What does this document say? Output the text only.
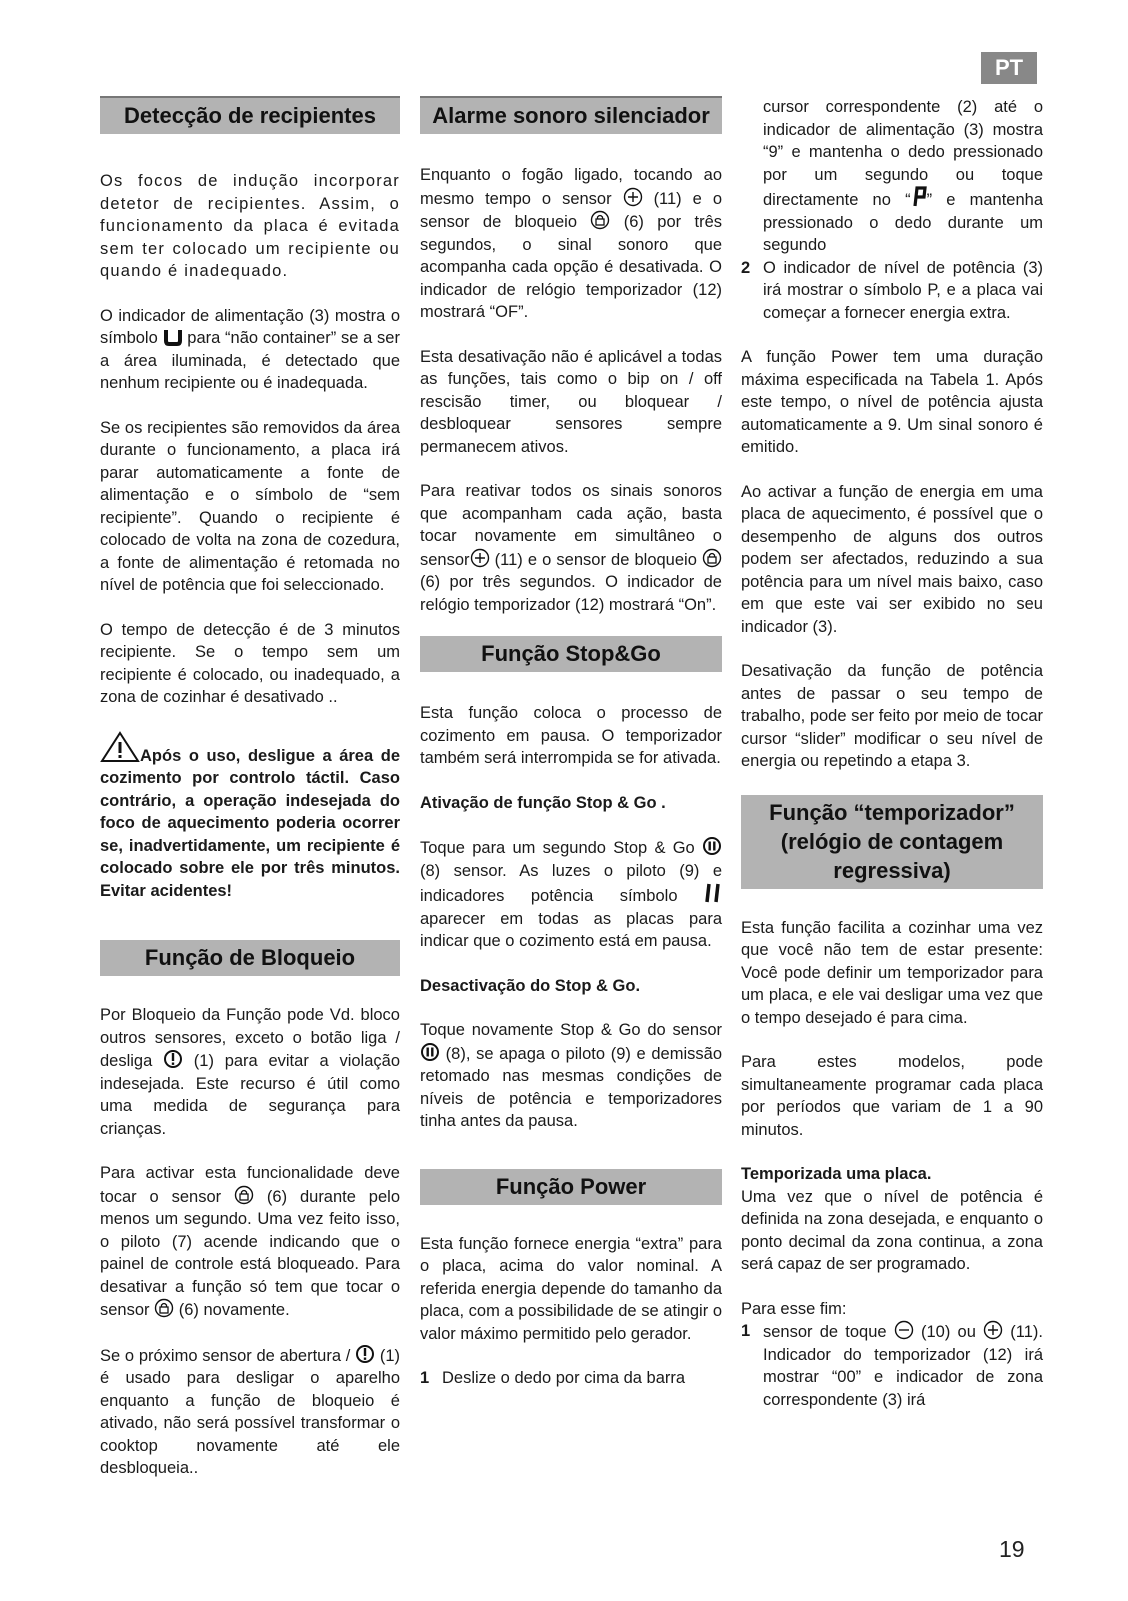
PT
Detecção de recipientes

Os focos de indução incorporar detetor de recipientes. Assim, o funcionamento da placa é evitada sem ter colocado um recipiente ou quando é inadequado.

O indicador de alimentação (3) mostra o símbolo para “não container” se a ser a área iluminada, é detectado que nenhum recipiente ou é inadequada.

Se os recipientes são removidos da área durante o funcionamento, a placa irá parar automaticamente a fonte de alimentação e o símbolo de “sem recipiente”. Quando o recipiente é colocado de volta na zona de cozedura, a fonte de alimentação é retomada no nível de potência que foi seleccionado.

O tempo de detecção é de 3 minutos recipiente. Se o tempo sem um recipiente é colocado, ou inadequado, a zona de cozinhar é desativado ..

Após o uso, desligue a área de cozimento por controlo táctil. Caso contrário, a operação indesejada do foco de aquecimento poderia ocorrer se, inadvertidamente, um recipiente é colocado sobre ele por três minutos. Evitar acidentes!

Função de Bloqueio

Por Bloqueio da Função pode Vd. bloco outros sensores, exceto o botão liga / desliga	(1) para evitar a violação indesejada. Este recurso é útil como uma medida de segurança para crianças.

Para activar esta funcionalidade deve tocar o sensor	(6) durante pelo menos um segundo. Uma vez feito isso, o piloto (7) acende indicando que o painel de controle está bloqueado. Para desativar a função só tem que tocar o sensor (6) novamente.

Se o próximo sensor de abertura / (1) é usado para desligar o aparelho enquanto a função de bloqueio é ativado, não será possível transformar o cooktop novamente até ele desbloqueia..

Alarme sonoro silenciador

Enquanto o fogão ligado, tocando ao mesmo tempo o sensor	(11) e o sensor de bloqueio	(6) por três segundos, o sinal sonoro que acompanha cada opção é desativada. O indicador de relógio temporizador (12) mostrará “OF”.

Esta desativação não é aplicável a todas as funções, tais como o bip on / off rescisão timer, ou bloquear / desbloquear sensores sempre permanecem ativos.

Para reativar todos os sinais sonoros que acompanham cada ação, basta tocar novamente em simultâneo o sensor (11) e o sensor de bloqueio  (6) por três segundos. O indicador de relógio temporizador (12) mostrará “On”.

Função Stop&Go

Esta função coloca o processo de cozimento em pausa. O temporizador também será interrompida se for ativada.

Ativação de função Stop & Go .

Toque para um segundo Stop & Go  (8) sensor. As luzes o piloto (9) e indicadores potência símbolo  aparecer em todas as placas para indicar que o cozimento está em pausa.

Desactivação do Stop & Go.

Toque novamente Stop & Go do sensor  (8), se apaga o piloto (9) e demissão retomado nas mesmas condições de níveis de potência e temporizadores tinha antes da pausa.

Função Power

Esta função fornece energia “extra” para o placa, acima do valor nominal. A referida energia depende do tamanho da placa, com a possibilidade de se atingir o valor máximo permitido pelo gerador.

1 Deslize o dedo por cima da barra

cursor correspondente (2) até o indicador de alimentação (3) mostra “9” e mantenha o dedo pressionado por um segundo ou toque directamente no “ ” e mantenha pressionado o dedo durante um segundo

2 O indicador de nível de potência (3) irá mostrar o símbolo P, e a placa vai começar a fornecer energia extra.

A função Power tem uma duração máxima especificada na Tabela 1. Após este tempo, o nível de potência ajusta automaticamente a 9. Um sinal sonoro é emitido.

Ao activar a função de energia em uma placa de aquecimento, é possível que o desempenho de alguns dos outros podem ser afectados, reduzindo a sua potência para um nível mais baixo, caso em que este vai ser exibido no seu indicador (3).

Desativação da função de potência antes de passar o seu tempo de trabalho, pode ser feito por meio de tocar cursor “slider” modificar o seu nível de energia ou repetindo a etapa 3.

Função “temporizador” (relógio de contagem regressiva)

Esta função facilita a cozinhar uma vez que você não tem de estar presente: Você pode definir um temporizador para um placa, e ele vai desligar uma vez que o tempo desejado é para cima.

Para estes modelos, pode simultaneamente programar cada placa por períodos que variam de 1 a 90 minutos.

Temporizada uma placa.

Uma vez que o nível de potência é definida na zona desejada, e enquanto o ponto decimal da zona continua, a zona será capaz de ser programado.

Para esse fim:

1 sensor de toque (10) ou (11). Indicador do temporizador (12) irá mostrar “00” e indicador de zona correspondente (3) irá
19
